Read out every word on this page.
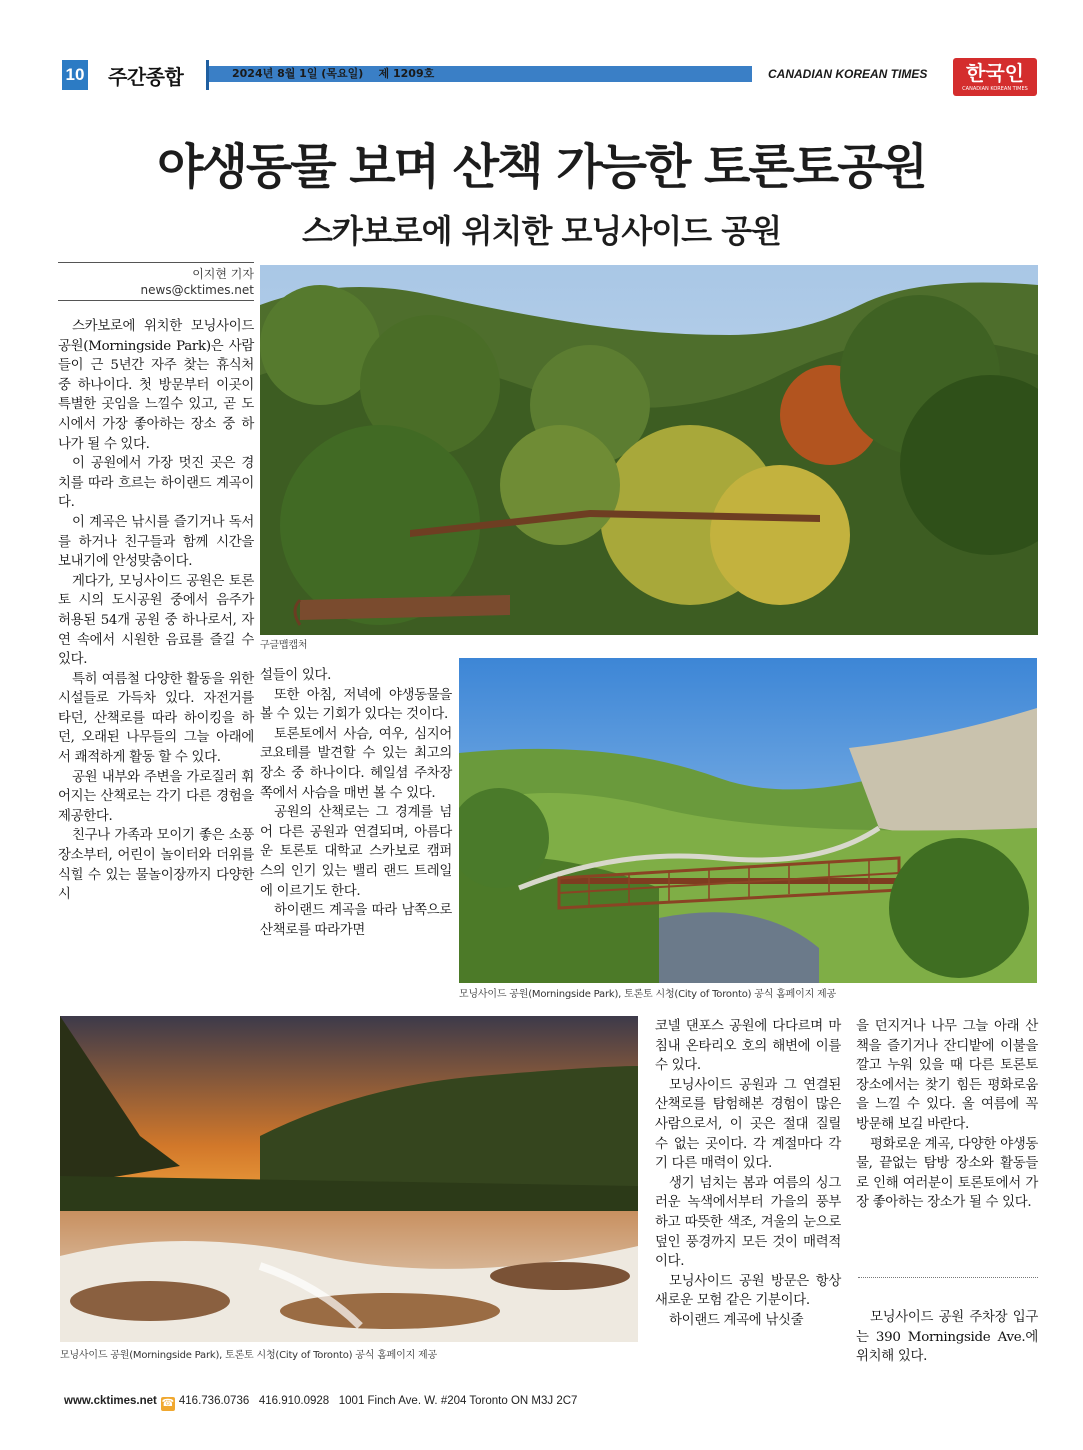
10 주간종합	2024년 8월 1일 (목요일)    제 1209호	CANADIAN KOREAN TIMES	한국인
CANADIAN KOREAN TIMES
야생동물 보며 산책 가능한 토론토공원
스카보로에 위치한 모닝사이드 공원
이지현 기자
news@cktimes.net

스카보로에 위치한 모닝사이드 공원(Morningside Park)은 사람들이 근 5년간 자주 찾는 휴식처 중 하나이다. 첫 방문부터 이곳이 특별한 곳임을 느낄수 있고, 곧 도시에서 가장 좋아하는 장소 중 하나가 될 수 있다.

이 공원에서 가장 멋진 곳은 경치를 따라 흐르는 하이랜드 계곡이다.

이 계곡은 낚시를 즐기거나 독서를 하거나 친구들과 함께 시간을 보내기에 안성맞춤이다.

게다가, 모닝사이드 공원은 토론토 시의 도시공원 중에서 음주가 허용된 54개 공원 중 하나로서, 자연 속에서 시원한 음료를 즐길 수 있다.

특히 여름철 다양한 활동을 위한 시설들로 가득차 있다. 자전거를 타던, 산책로를 따라 하이킹을 하던, 오래된 나무들의 그늘 아래에서 쾌적하게 활동 할 수 있다.

공원 내부와 주변을 가로질러 휘어지는 산책로는 각기 다른 경험을 제공한다.

친구나 가족과 모이기 좋은 소풍장소부터, 어린이 놀이터와 더위를 식힐 수 있는 물놀이장까지 다양한 시

구글맵캡처

설들이 있다.

또한 아침, 저녁에 야생동물을 볼 수 있는 기회가 있다는 것이다.

토론토에서 사슴, 여우, 심지어 코요테를 발견할 수 있는 최고의 장소 중 하나이다. 헤일셤 주차장 쪽에서 사슴을 매번 볼 수 있다.

공원의 산책로는 그 경계를 넘어 다른 공원과 연결되며, 아름다운 토론토 대학교 스카보로 캠퍼스의 인기 있는 밸리 랜드 트레일에 이르기도 한다.

하이랜드 계곡을 따라 남쪽으로 산책로를 따라가면

모닝사이드 공원(Morningside Park), 토론토 시청(City of Toronto) 공식 홈페이지 제공
모닝사이드 공원(Morningside Park), 토론토 시청(City of Toronto) 공식 홈페이지 제공

코넬 댄포스 공원에 다다르며 마침내 온타리오 호의 해변에 이를 수 있다.

모닝사이드 공원과 그 연결된 산책로를 탐험해본 경험이 많은 사람으로서, 이 곳은 절대 질릴 수 없는 곳이다. 각 계절마다 각기 다른 매력이 있다.

생기 넘치는 봄과 여름의 싱그러운 녹색에서부터 가을의 풍부하고 따뜻한 색조, 겨울의 눈으로 덮인 풍경까지 모든 것이 매력적이다.

모닝사이드 공원 방문은 항상 새로운 모험 같은 기분이다.

하이랜드 계곡에 낚싯줄

을 던지거나 나무 그늘 아래 산책을 즐기거나 잔디밭에 이불을 깔고 누워 있을 때 다른 토론토 장소에서는 찾기 힘든 평화로움을 느낄 수 있다. 올 여름에 꼭 방문해 보길 바란다.

평화로운 계곡, 다양한 야생동물, 끝없는 탐방 장소와 활동들로 인해 여러분이 토론토에서 가장 좋아하는 장소가 될 수 있다.

모닝사이드 공원 주차장 입구는 390 Morningside Ave.에 위치해 있다.

www.cktimes.net ☎ 416.736.0736   416.910.0928   1001 Finch Ave. W. #204 Toronto ON M3J 2C7
